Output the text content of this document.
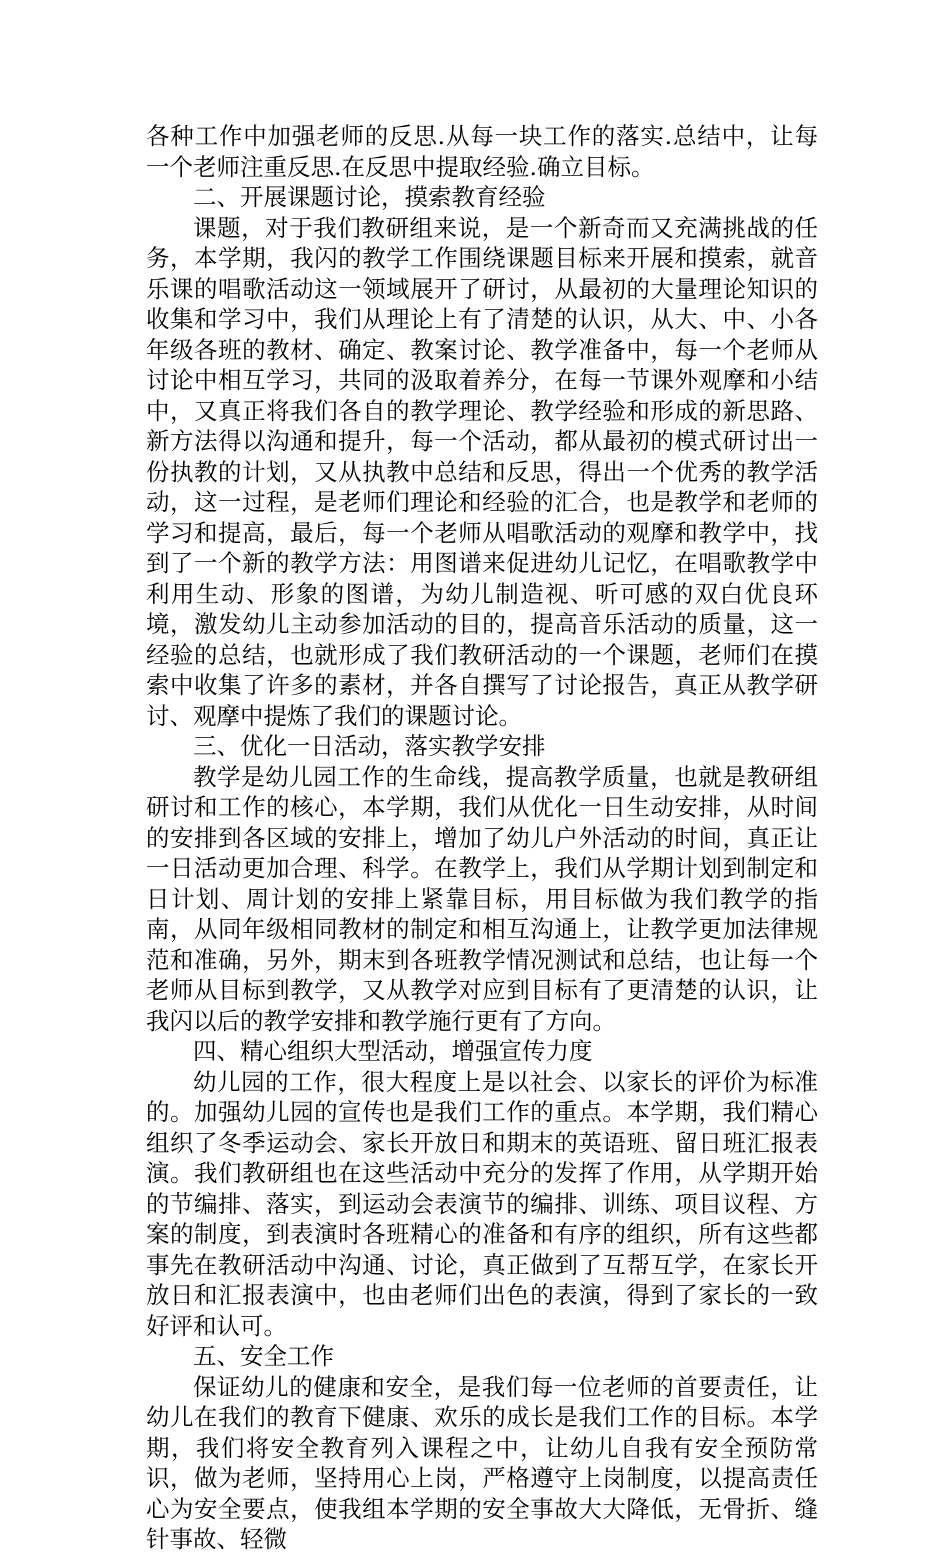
各种工作中加强老师的反思.从每一块工作的落实.总结中，让每一个老师注重反思.在反思中提取经验.确立目标。

二、开展课题讨论，摸索教育经验

课题，对于我们教研组来说，是一个新奇而又充满挑战的任务，本学期，我闪的教学工作围绕课题目标来开展和摸索，就音乐课的唱歌活动这一领域展开了研讨，从最初的大量理论知识的收集和学习中，我们从理论上有了清楚的认识，从大、中、小各年级各班的教材、确定、教案讨论、教学准备中，每一个老师从讨论中相互学习，共同的汲取着养分，在每一节课外观摩和小结中，又真正将我们各自的教学理论、教学经验和形成的新思路、新方法得以沟通和提升，每一个活动，都从最初的模式研讨出一份执教的计划，又从执教中总结和反思，得出一个优秀的教学活动，这一过程，是老师们理论和经验的汇合，也是教学和老师的学习和提高，最后，每一个老师从唱歌活动的观摩和教学中，找到了一个新的教学方法：用图谱来促进幼儿记忆，在唱歌教学中利用生动、形象的图谱，为幼儿制造视、听可感的双白优良环境，激发幼儿主动参加活动的目的，提高音乐活动的质量，这一经验的总结，也就形成了我们教研活动的一个课题，老师们在摸索中收集了许多的素材，并各自撰写了讨论报告，真正从教学研讨、观摩中提炼了我们的课题讨论。

三、优化一日活动，落实教学安排

教学是幼儿园工作的生命线，提高教学质量，也就是教研组研讨和工作的核心，本学期，我们从优化一日生动安排，从时间的安排到各区域的安排上，增加了幼儿户外活动的时间，真正让一日活动更加合理、科学。在教学上，我们从学期计划到制定和日计划、周计划的安排上紧靠目标，用目标做为我们教学的指南，从同年级相同教材的制定和相互沟通上，让教学更加法律规范和准确，另外，期末到各班教学情况测试和总结，也让每一个老师从目标到教学，又从教学对应到目标有了更清楚的认识，让我闪以后的教学安排和教学施行更有了方向。

四、精心组织大型活动，增强宣传力度

幼儿园的工作，很大程度上是以社会、以家长的评价为标准的。加强幼儿园的宣传也是我们工作的重点。本学期，我们精心组织了冬季运动会、家长开放日和期末的英语班、留日班汇报表演。我们教研组也在这些活动中充分的发挥了作用，从学期开始的节编排、落实，到运动会表演节的编排、训练、项目议程、方案的制度，到表演时各班精心的准备和有序的组织，所有这些都事先在教研活动中沟通、讨论，真正做到了互帮互学，在家长开放日和汇报表演中，也由老师们出色的表演，得到了家长的一致好评和认可。

五、安全工作

保证幼儿的健康和安全，是我们每一位老师的首要责任，让幼儿在我们的教育下健康、欢乐的成长是我们工作的目标。本学期，我们将安全教育列入课程之中，让幼儿自我有安全预防常识，做为老师，坚持用心上岗，严格遵守上岗制度，以提高责任心为安全要点，使我组本学期的安全事故大大降低，无骨折、缝针事故、轻微
